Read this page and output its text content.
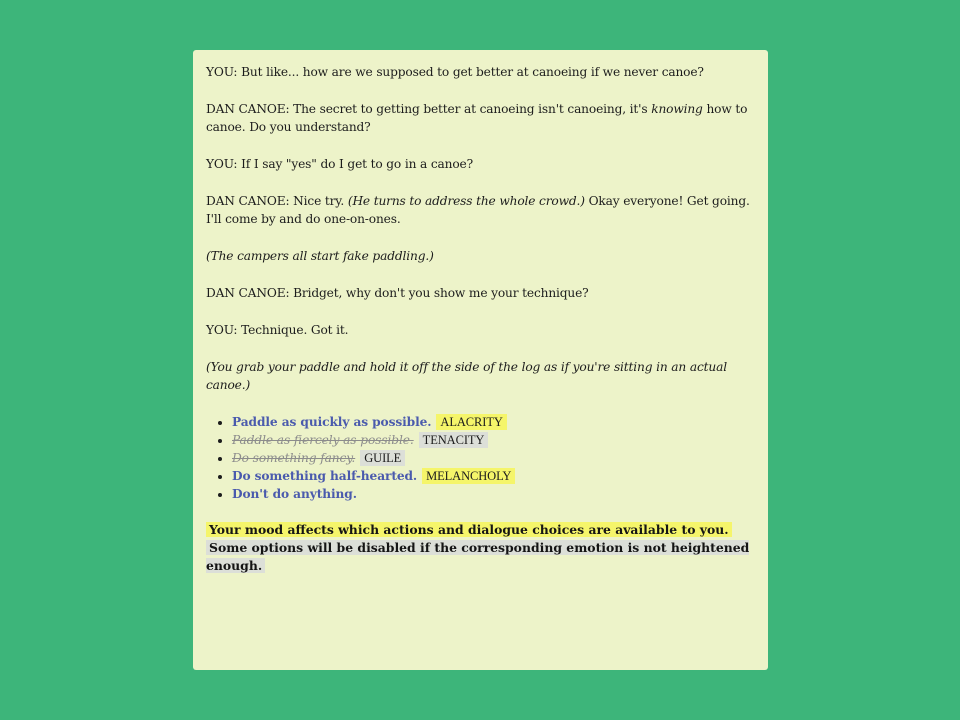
YOU: But like... how are we supposed to get better at canoeing if we never canoe?

DAN CANOE: The secret to getting better at canoeing isn't canoeing, it's knowing how to canoe. Do you understand?

YOU: If I say "yes" do I get to go in a canoe?

DAN CANOE: Nice try. (He turns to address the whole crowd.) Okay everyone! Get going. I'll come by and do one-on-ones.

(The campers all start fake paddling.)

DAN CANOE: Bridget, why don't you show me your technique?

YOU: Technique. Got it.

(You grab your paddle and hold it off the side of the log as if you're sitting in an actual canoe.)

• Paddle as quickly as possible. ALACRITY
• Paddle as fiercely as possible. TENACITY
• Do something fancy. GUILE
• Do something half-hearted. MELANCHOLY
• Don't do anything.
Your mood affects which actions and dialogue choices are available to you.
Some options will be disabled if the corresponding emotion is not heightened enough.
